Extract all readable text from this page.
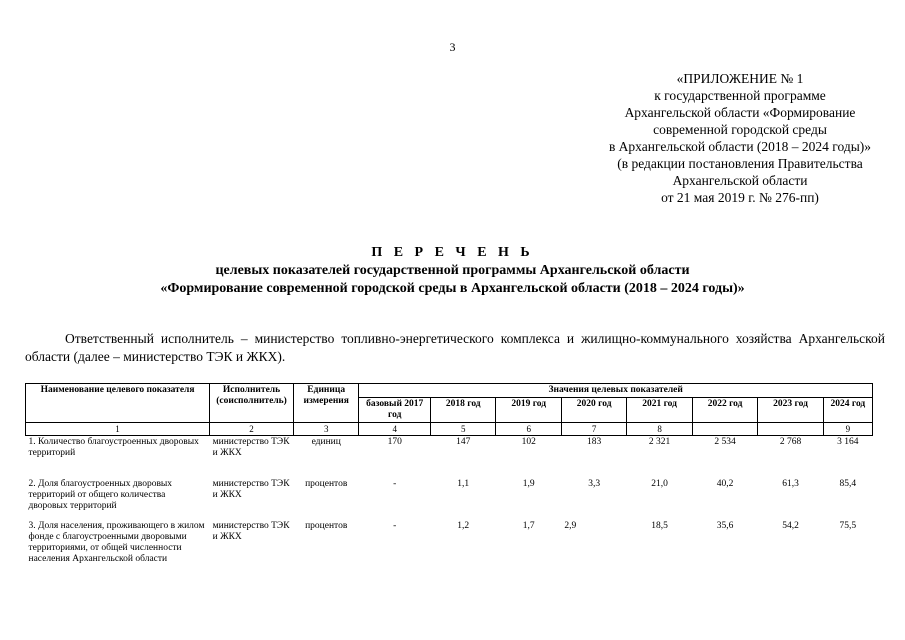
3
«ПРИЛОЖЕНИЕ № 1
к государственной программе
Архангельской области «Формирование
современной городской среды
в Архангельской области (2018 – 2024 годы)»
(в редакции постановления Правительства
Архангельской области
от 21 мая 2019 г. № 276-пп)
П Е Р Е Ч Е Н Ь
целевых показателей государственной программы Архангельской области
«Формирование современной городской среды в Архангельской области (2018 – 2024 годы)»
Ответственный исполнитель – министерство топливно-энергетического комплекса и жилищно-коммунального хозяйства Архангельской области (далее – министерство ТЭК и ЖКХ).
Наименование целевого показателя	Исполнитель (соисполнитель)	Единица измерения	Значения целевых показателей							
			базовый 2017 год	2018 год	2019 год	2020 год	2021 год	2022 год	2023 год	2024 год
1	2	3	4	5	6	7	8			9
1. Количество благоустроенных дворовых территорий	министерство ТЭК и ЖКХ	единиц	170	147	102	183	2 321	2 534	2 768	3 164
2. Доля благоустроенных дворовых территорий от общего количества дворовых территорий	министерство ТЭК и ЖКХ	процентов	-	1,1	1,9	3,3	21,0	40,2	61,3	85,4
3. Доля населения, проживающего в жилом фонде с благоустроенными дворовыми территориями, от общей численности населения Архангельской области	министерство ТЭК и ЖКХ	процентов	-	1,2	1,7	2,9	18,5	35,6	54,2	75,5
